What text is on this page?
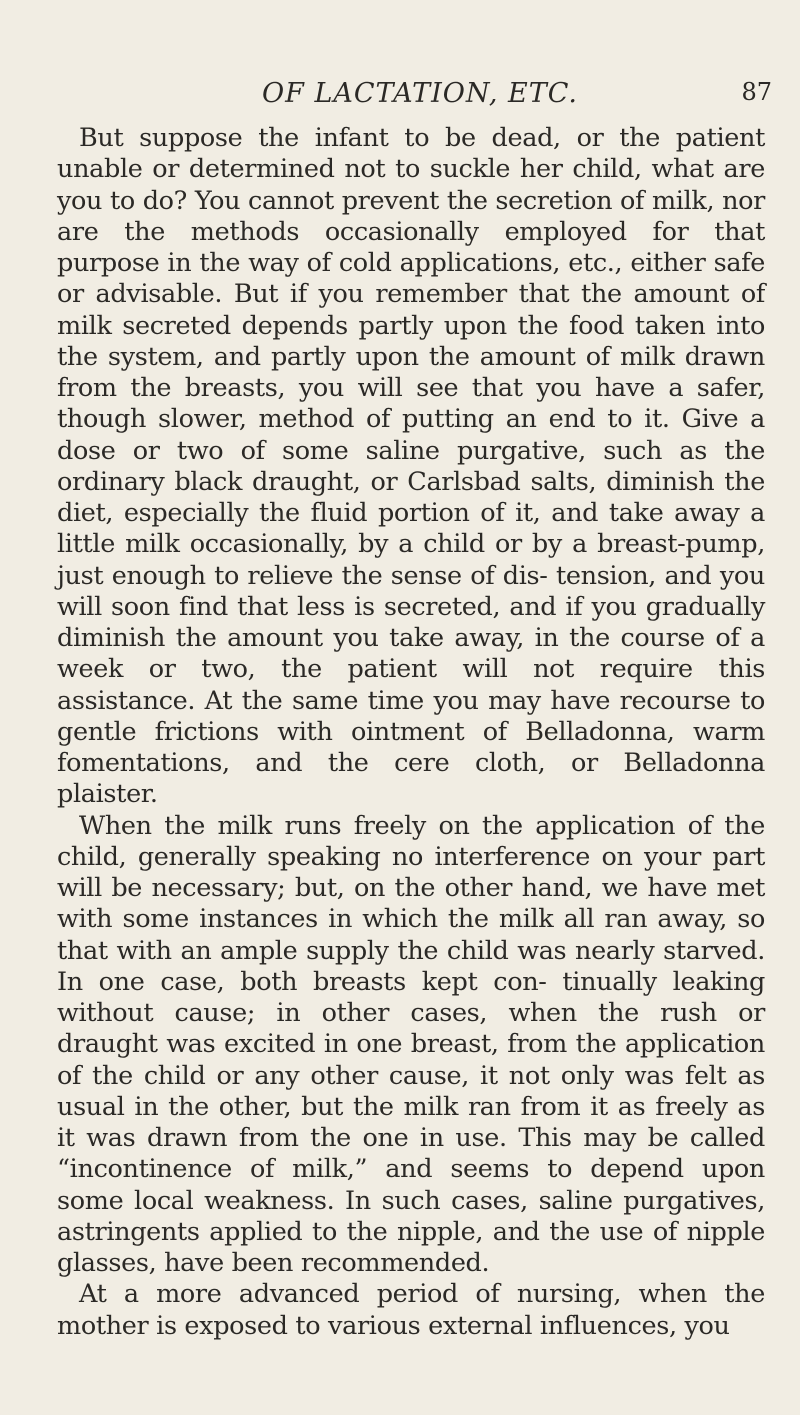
OF LACTATION, ETC.	87

But suppose the infant to be dead, or the patient unable or determined not to suckle her child, what are you to do? You cannot prevent the secretion of milk, nor are the methods occasionally employed for that purpose in the way of cold applications, etc., either safe or advisable. But if you remember that the amount of milk secreted depends partly upon the food taken into the system, and partly upon the amount of milk drawn from the breasts, you will see that you have a safer, though slower, method of putting an end to it. Give a dose or two of some saline purgative, such as the ordinary black draught, or Carlsbad salts, diminish the diet, especially the fluid portion of it, and take away a little milk occasionally, by a child or by a breast-pump, just enough to relieve the sense of dis- tension, and you will soon find that less is secreted, and if you gradually diminish the amount you take away, in the course of a week or two, the patient will not require this assistance. At the same time you may have recourse to gentle frictions with ointment of Belladonna, warm fomentations, and the cere cloth, or Belladonna plaister.

When the milk runs freely on the application of the child, generally speaking no interference on your part will be necessary; but, on the other hand, we have met with some instances in which the milk all ran away, so that with an ample supply the child was nearly starved. In one case, both breasts kept con- tinually leaking without cause; in other cases, when the rush or draught was excited in one breast, from the application of the child or any other cause, it not only was felt as usual in the other, but the milk ran from it as freely as it was drawn from the one in use. This may be called “incontinence of milk,” and seems to depend upon some local weakness. In such cases, saline purgatives, astringents applied to the nipple, and the use of nipple glasses, have been recommended.

At a more advanced period of nursing, when the mother is exposed to various external influences, you
